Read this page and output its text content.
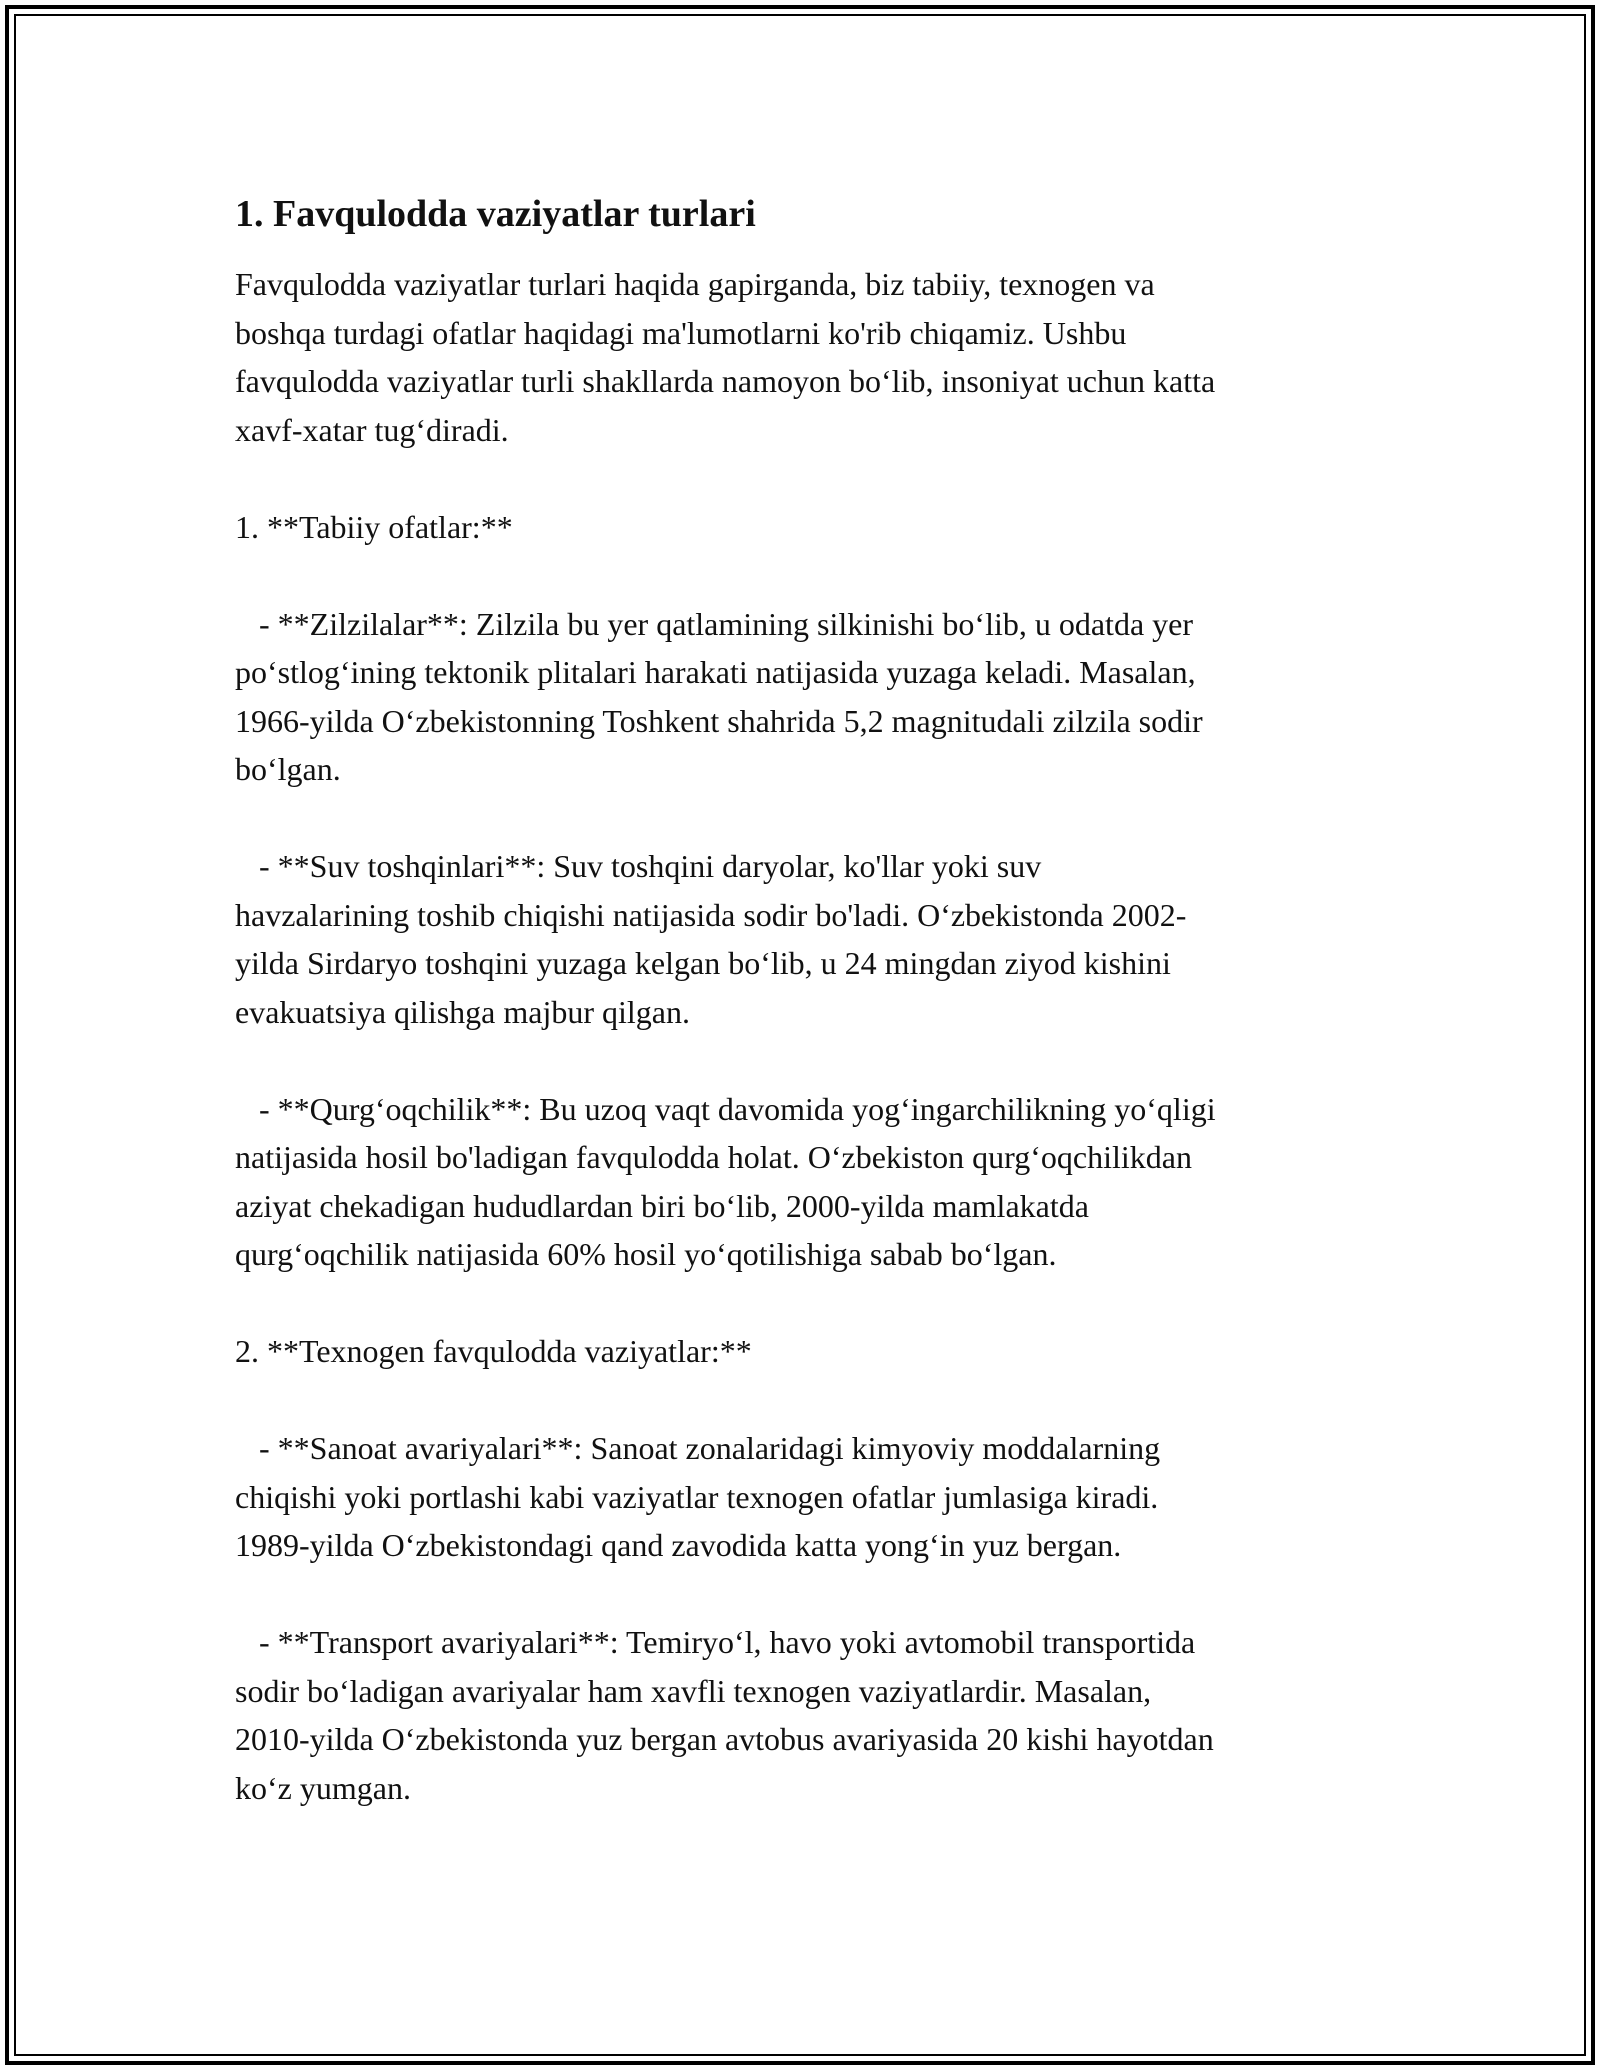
1. Favqulodda vaziyatlar turlari

Favqulodda vaziyatlar turlari haqida gapirganda, biz tabiiy, texnogen va
boshqa turdagi ofatlar haqidagi ma'lumotlarni ko'rib chiqamiz. Ushbu
favqulodda vaziyatlar turli shakllarda namoyon bo‘lib, insoniyat uchun katta
xavf-xatar tug‘diradi.

1. **Tabiiy ofatlar:**

- **Zilzilalar**: Zilzila bu yer qatlamining silkinishi bo‘lib, u odatda yer
po‘stlog‘ining tektonik plitalari harakati natijasida yuzaga keladi. Masalan,
1966-yilda O‘zbekistonning Toshkent shahrida 5,2 magnitudali zilzila sodir
bo‘lgan.

- **Suv toshqinlari**: Suv toshqini daryolar, ko'llar yoki suv
havzalarining toshib chiqishi natijasida sodir bo'ladi. O‘zbekistonda 2002-
yilda Sirdaryo toshqini yuzaga kelgan bo‘lib, u 24 mingdan ziyod kishini
evakuatsiya qilishga majbur qilgan.

- **Qurg‘oqchilik**: Bu uzoq vaqt davomida yog‘ingarchilikning yo‘qligi
natijasida hosil bo'ladigan favqulodda holat. O‘zbekiston qurg‘oqchilikdan
aziyat chekadigan hududlardan biri bo‘lib, 2000-yilda mamlakatda
qurg‘oqchilik natijasida 60% hosil yo‘qotilishiga sabab bo‘lgan.

2. **Texnogen favqulodda vaziyatlar:**

- **Sanoat avariyalari**: Sanoat zonalaridagi kimyoviy moddalarning
chiqishi yoki portlashi kabi vaziyatlar texnogen ofatlar jumlasiga kiradi.
1989-yilda O‘zbekistondagi qand zavodida katta yong‘in yuz bergan.

- **Transport avariyalari**: Temiryo‘l, havo yoki avtomobil transportida
sodir bo‘ladigan avariyalar ham xavfli texnogen vaziyatlardir. Masalan,
2010-yilda O‘zbekistonda yuz bergan avtobus avariyasida 20 kishi hayotdan
ko‘z yumgan.
